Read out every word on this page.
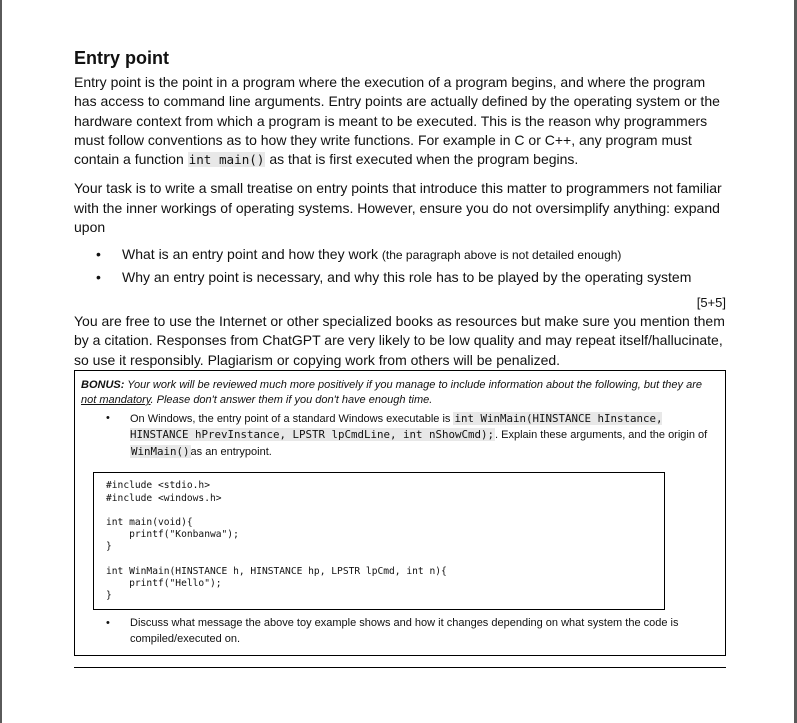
Entry point

Entry point is the point in a program where the execution of a program begins, and where the program has access to command line arguments. Entry points are actually defined by the operating system or the hardware context from which a program is meant to be executed. This is the reason why programmers must follow conventions as to how they write functions. For example in C or C++, any program must contain a function int main() as that is first executed when the program begins.

Your task is to write a small treatise on entry points that introduce this matter to programmers not familiar with the inner workings of operating systems. However, ensure you do not oversimplify anything: expand upon

• What is an entry point and how they work (the paragraph above is not detailed enough)
• Why an entry point is necessary, and why this role has to be played by the operating system
[5+5]

You are free to use the Internet or other specialized books as resources but make sure you mention them by a citation. Responses from ChatGPT are very likely to be low quality and may repeat itself/hallucinate, so use it responsibly. Plagiarism or copying work from others will be penalized.

BONUS: Your work will be reviewed much more positively if you manage to include information about the following, but they are not mandatory. Please don't answer them if you don't have enough time.

• On Windows, the entry point of a standard Windows executable is int WinMain(HINSTANCE hInstance, HINSTANCE hPrevInstance, LPSTR lpCmdLine, int nShowCmd);. Explain these arguments, and the origin of WinMain()as an entrypoint.
#include <stdio.h>
#include <windows.h>

int main(void){
printf("Konbanwa");
}

int WinMain(HINSTANCE h, HINSTANCE hp, LPSTR lpCmd, int n){
printf("Hello");
}
• Discuss what message the above toy example shows and how it changes depending on what system the code is compiled/executed on.
